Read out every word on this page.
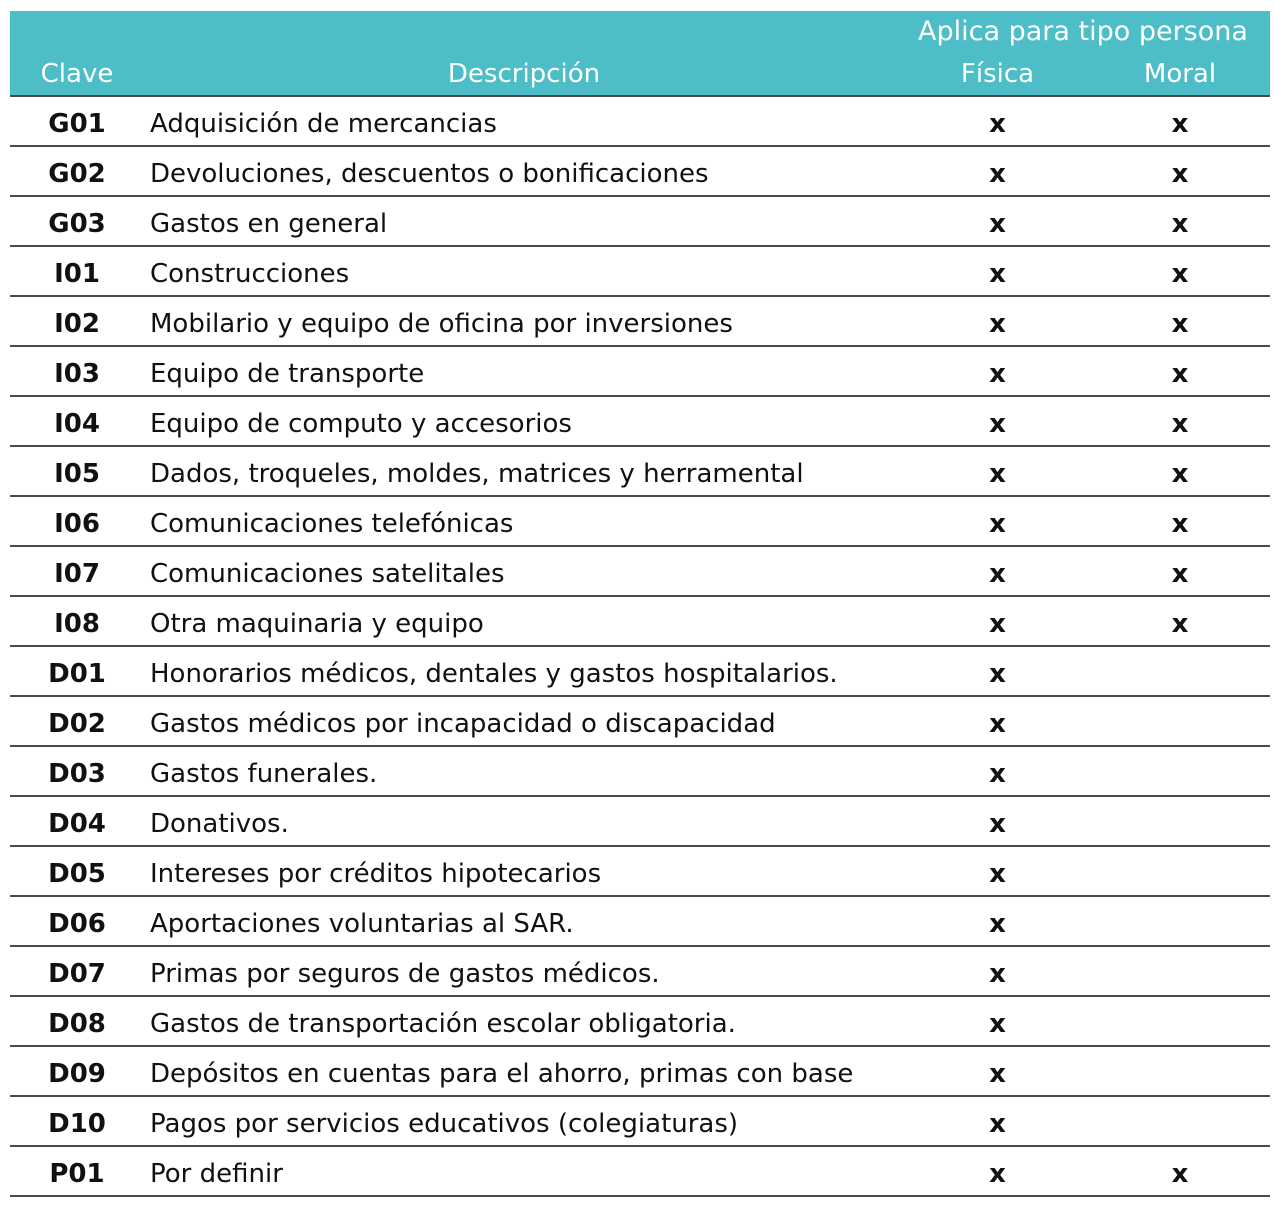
Aplica para tipo persona
Clave	Descripción	Física	Moral
G01	Adquisición de mercancias	x	x
G02	Devoluciones, descuentos o bonificaciones	x	x
G03	Gastos en general	x	x
I01	Construcciones	x	x
I02	Mobilario y equipo de oficina por inversiones	x	x
I03	Equipo de transporte	x	x
I04	Equipo de computo y accesorios	x	x
I05	Dados, troqueles, moldes, matrices y herramental	x	x
I06	Comunicaciones telefónicas	x	x
I07	Comunicaciones satelitales	x	x
I08	Otra maquinaria y equipo	x	x
D01	Honorarios médicos, dentales y gastos hospitalarios.	x
D02	Gastos médicos por incapacidad o discapacidad	x
D03	Gastos funerales.	x
D04	Donativos.	x
D05	Intereses por créditos hipotecarios	x
D06	Aportaciones voluntarias al SAR.	x
D07	Primas por seguros de gastos médicos.	x
D08	Gastos de transportación escolar obligatoria.	x
D09	Depósitos en cuentas para el ahorro, primas con base	x
D10	Pagos por servicios educativos (colegiaturas)	x
P01	Por definir	x	x
